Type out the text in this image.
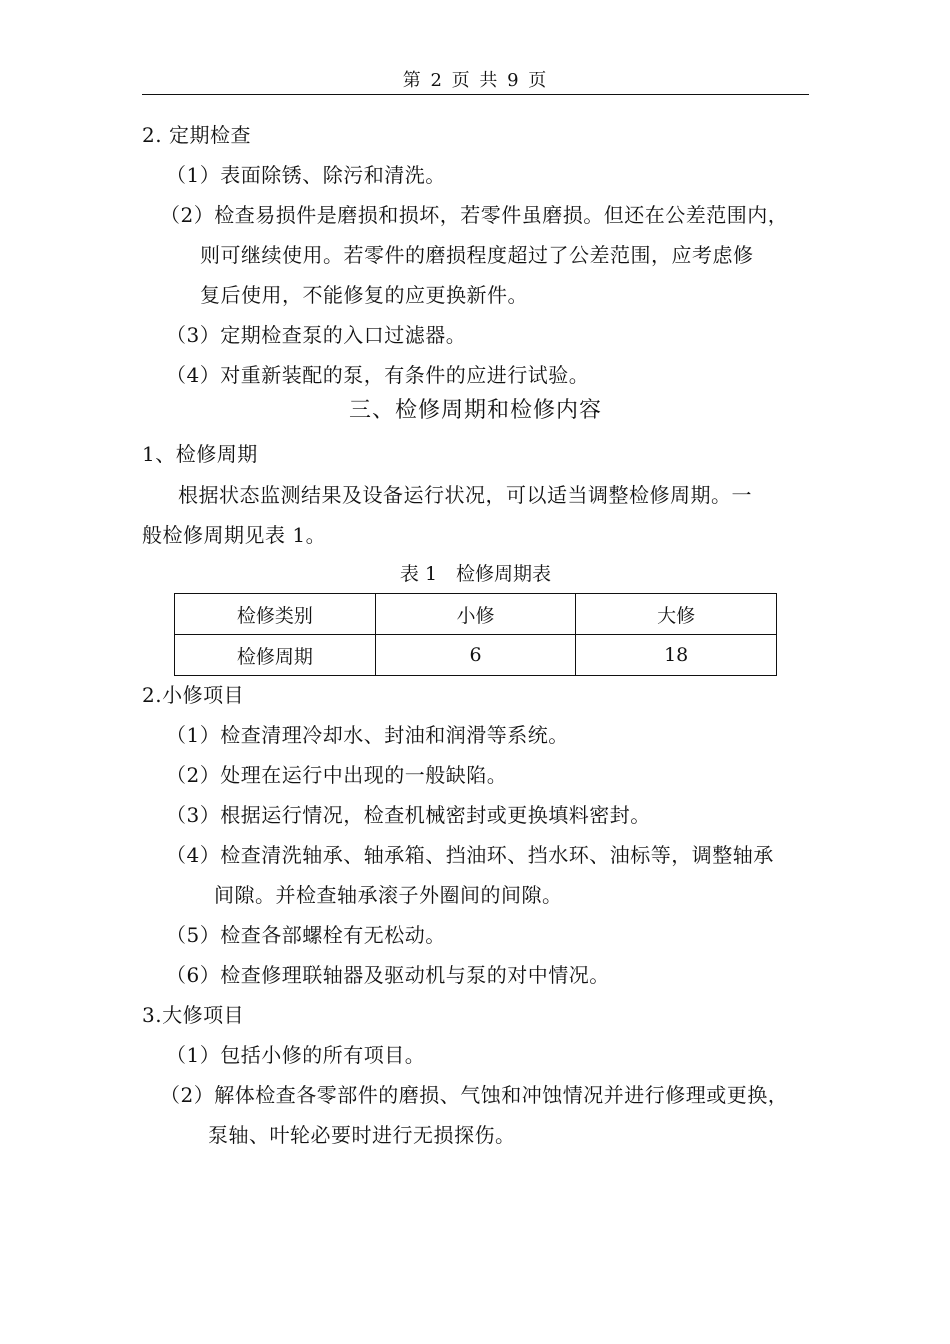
第 2 页 共 9 页
2. 定期检查
（1）表面除锈、除污和清洗。
（2）检查易损件是磨损和损坏，若零件虽磨损。但还在公差范围内，
则可继续使用。若零件的磨损程度超过了公差范围，应考虑修
复后使用，不能修复的应更换新件。
（3）定期检查泵的入口过滤器。
（4）对重新装配的泵，有条件的应进行试验。
三、检修周期和检修内容
1、检修周期
根据状态监测结果及设备运行状况，可以适当调整检修周期。一
般检修周期见表 1。
表 1　检修周期表
检修类别	小修	大修
检修周期	6	18
2.小修项目
（1）检查清理冷却水、封油和润滑等系统。
（2）处理在运行中出现的一般缺陷。
（3）根据运行情况，检查机械密封或更换填料密封。
（4）检查清洗轴承、轴承箱、挡油环、挡水环、油标等，调整轴承
间隙。并检查轴承滚子外圈间的间隙。
（5）检查各部螺栓有无松动。
（6）检查修理联轴器及驱动机与泵的对中情况。
3.大修项目
（1）包括小修的所有项目。
（2）解体检查各零部件的磨损、气蚀和冲蚀情况并进行修理或更换，
泵轴、叶轮必要时进行无损探伤。
